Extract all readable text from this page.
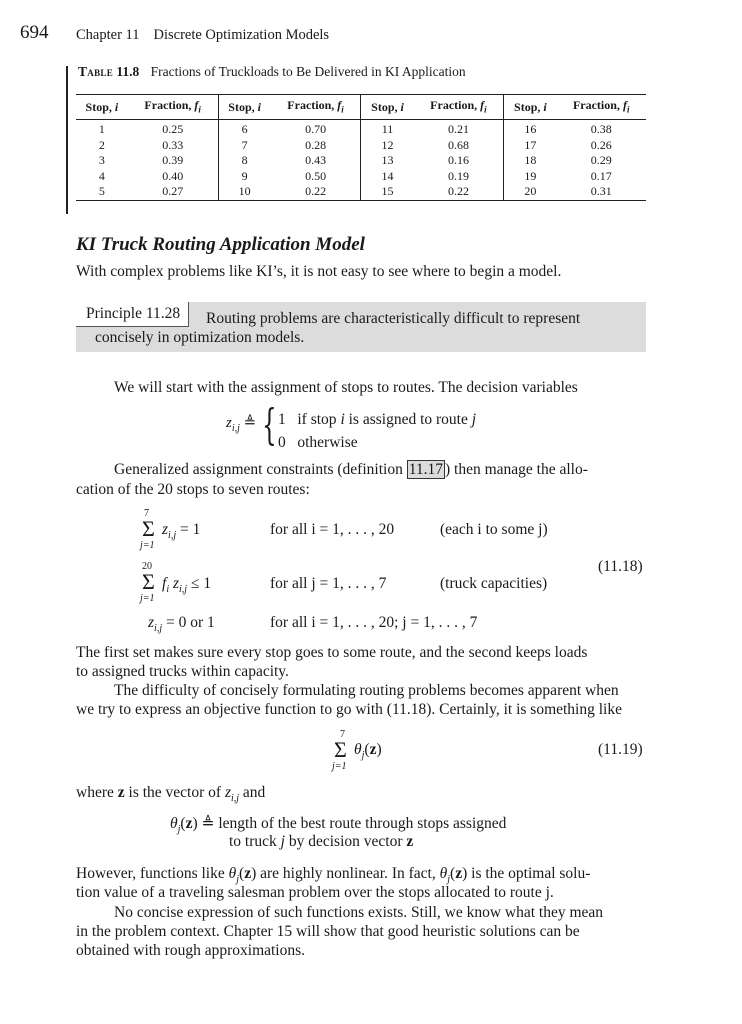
694 Chapter 11 Discrete Optimization Models
Table 11.8 Fractions of Truckloads to Be Delivered in KI Application
Stop, i	Fraction, $f_i$	Stop, i	Fraction, $f_i$	Stop, i	Fraction, $f_i$	Stop, i	Fraction, $f_i$
1	0.25	6	0.70	11	0.21	16	0.38
2	0.33	7	0.28	12	0.68	17	0.26
3	0.39	8	0.43	13	0.16	18	0.29
4	0.40	9	0.50	14	0.19	19	0.17
5	0.27	10	0.22	15	0.22	20	0.31
KI Truck Routing Application Model
With complex problems like KI’s, it is not easy to see where to begin a model.
Principle 11.28	Routing problems are characteristically difficult to represent
concisely in optimization models.
We will start with the assignment of stops to routes. The decision variables
$z_{i,j}$ ≜ { 1 if stop i is assigned to route j
0 otherwise
Generalized assignment constraints (definition 11.17 ) then manage the allo-
cation of the 20 stops to seven routes:
7
Σ
j=1
$z_{i,j} = 1$	for all i = 1, . . . , 20	(each i to some j)
20
Σ
j=1
$f_i$ $z_{i,j} \le 1$	for all j = 1, . . . , 7	(truck capacities)
(11.18)
$z_{i,j} = 0$ or 1	for all i = 1, . . . , 20; j = 1, . . . , 7
The first set makes sure every stop goes to some route, and the second keeps loads
to assigned trucks within capacity.
The difficulty of concisely formulating routing problems becomes apparent when
we try to express an objective function to go with (11.18). Certainly, it is something like
7
Σ
j=1
$\theta_j(z)$	(11.19)
where z is the vector of $z_{i,j}$ and
$\theta_j(z)$ ≜ length of the best route through stops assigned
to truck j by decision vector z
However, functions like $\theta_j(z)$ are highly nonlinear. In fact, $\theta_j(z)$ is the optimal solu-
tion value of a traveling salesman problem over the stops allocated to route j.
No concise expression of such functions exists. Still, we know what they mean
in the problem context. Chapter 15 will show that good heuristic solutions can be
obtained with rough approximations.
